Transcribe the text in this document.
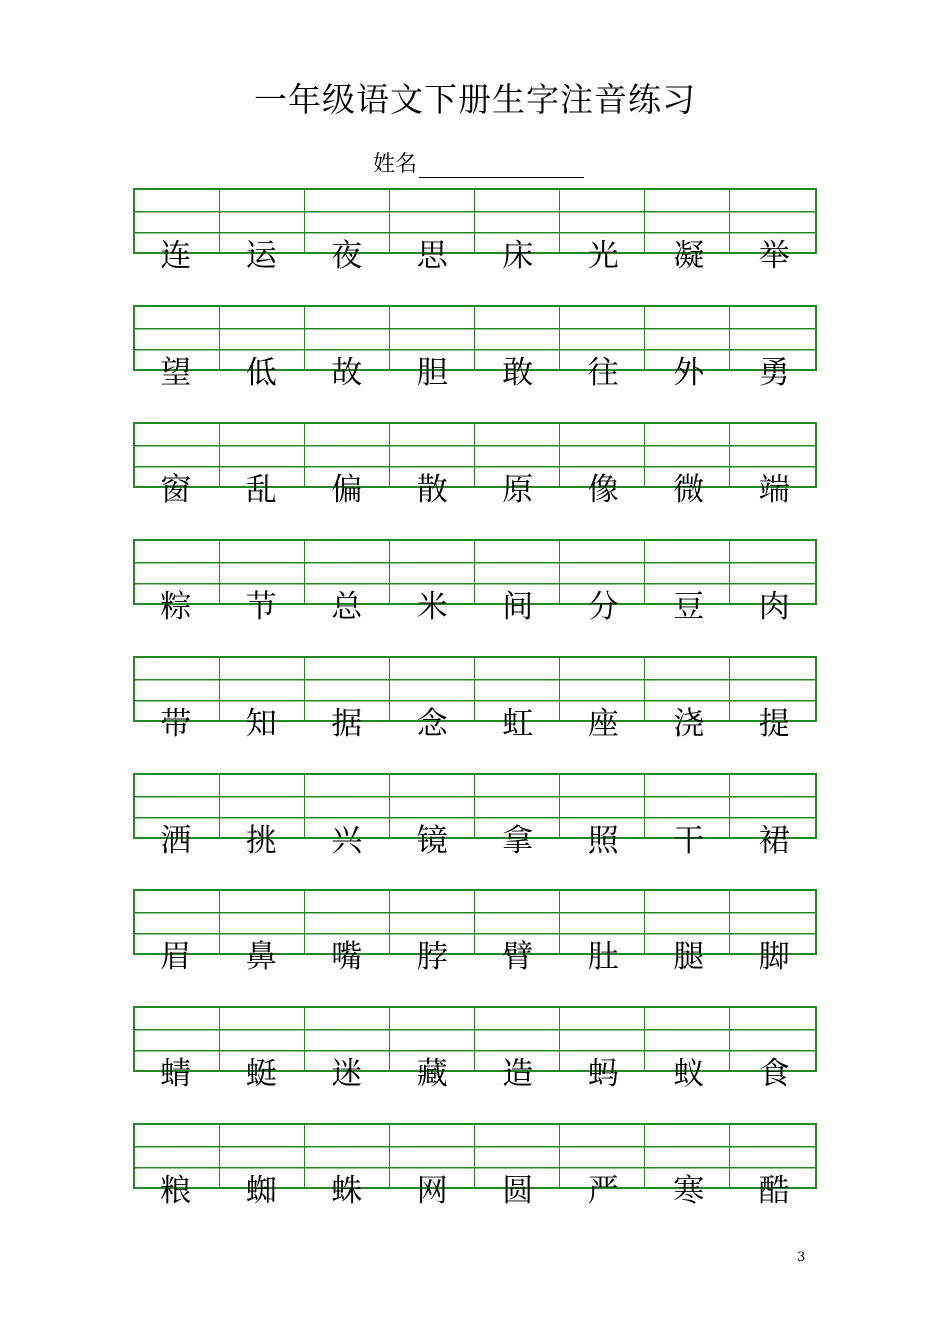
一年级语文下册生字注音练习
姓名
连	运	夜	思	床	光	凝	举
望	低	故	胆	敢	往	外	勇
窗	乱	偏	散	原	像	微	端
粽	节	总	米	间	分	豆	肉
带	知	据	念	虹	座	浇	提
洒	挑	兴	镜	拿	照	干	裙
眉	鼻	嘴	脖	臂	肚	腿	脚
蜻	蜓	迷	藏	造	蚂	蚁	食
粮	蜘	蛛	网	圆	严	寒	酷
3
